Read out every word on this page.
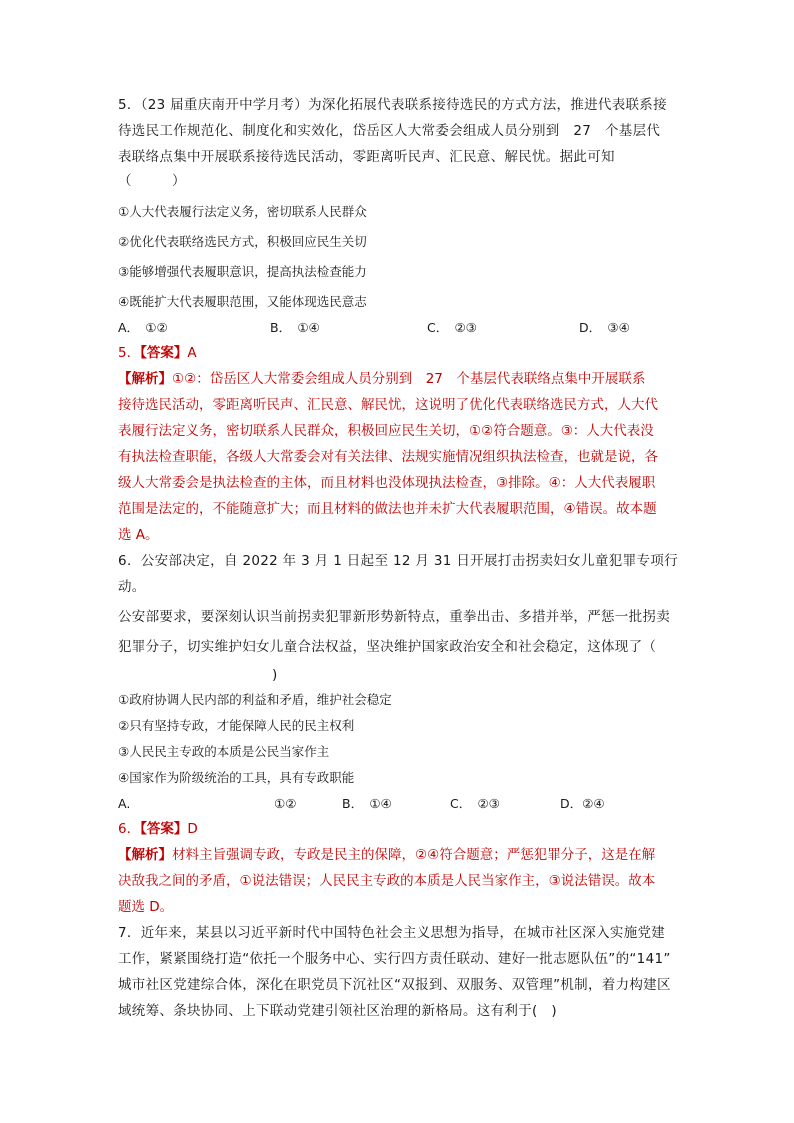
5．（23 届重庆南开中学月考）为深化拓展代表联系接待选民的方式方法，推进代表联系接

待选民工作规范化、制度化和实效化，岱岳区人大常委会组成人员分别到　27　个基层代

表联络点集中开展联系接待选民活动，零距离听民声、汇民意、解民忧。据此可知

（　　　）

①人大代表履行法定义务，密切联系人民群众

②优化代表联络选民方式，积极回应民生关切

③能够增强代表履职意识，提高执法检查能力

④既能扩大代表履职范围，又能体现选民意志

A．　①②	B．　①④	C．　②③	D．　③④

5．【答案】A

【解析】①②：岱岳区人大常委会组成人员分别到　27　个基层代表联络点集中开展联系

接待选民活动，零距离听民声、汇民意、解民忧，这说明了优化代表联络选民方式，人大代

表履行法定义务，密切联系人民群众，积极回应民生关切，①②符合题意。③：人大代表没

有执法检查职能，各级人大常委会对有关法律、法规实施情况组织执法检查，也就是说，各

级人大常委会是执法检查的主体，而且材料也没体现执法检查，③排除。④：人大代表履职

范围是法定的，不能随意扩大；而且材料的做法也并未扩大代表履职范围，④错误。故本题

选 A。

6．公安部决定，自 2022 年 3 月 1 日起至 12 月 31 日开展打击拐卖妇女儿童犯罪专项行动。

公安部要求，要深刻认识当前拐卖犯罪新形势新特点，重拳出击、多措并举，严惩一批拐卖

犯罪分子，切实维护妇女儿童合法权益，坚决维护国家政治安全和社会稳定，这体现了（

)

①政府协调人民内部的利益和矛盾，维护社会稳定

②只有坚持专政，才能保障人民的民主权利

③人民民主专政的本质是公民当家作主

④国家作为阶级统治的工具，具有专政职能

A.	①②	B．　①④	C．　②③	D．②④

6．【答案】D

【解析】材料主旨强调专政，专政是民主的保障，②④符合题意；严惩犯罪分子，这是在解

决敌我之间的矛盾，①说法错误；人民民主专政的本质是人民当家作主，③说法错误。故本

题选 D。

7．近年来，某县以习近平新时代中国特色社会主义思想为指导，在城市社区深入实施党建

工作，紧紧围绕打造“依托一个服务中心、实行四方责任联动、建好一批志愿队伍”的“141”

城市社区党建综合体，深化在职党员下沉社区“双报到、双服务、双管理”机制，着力构建区

域统筹、条块协同、上下联动党建引领社区治理的新格局。这有利于(　)
